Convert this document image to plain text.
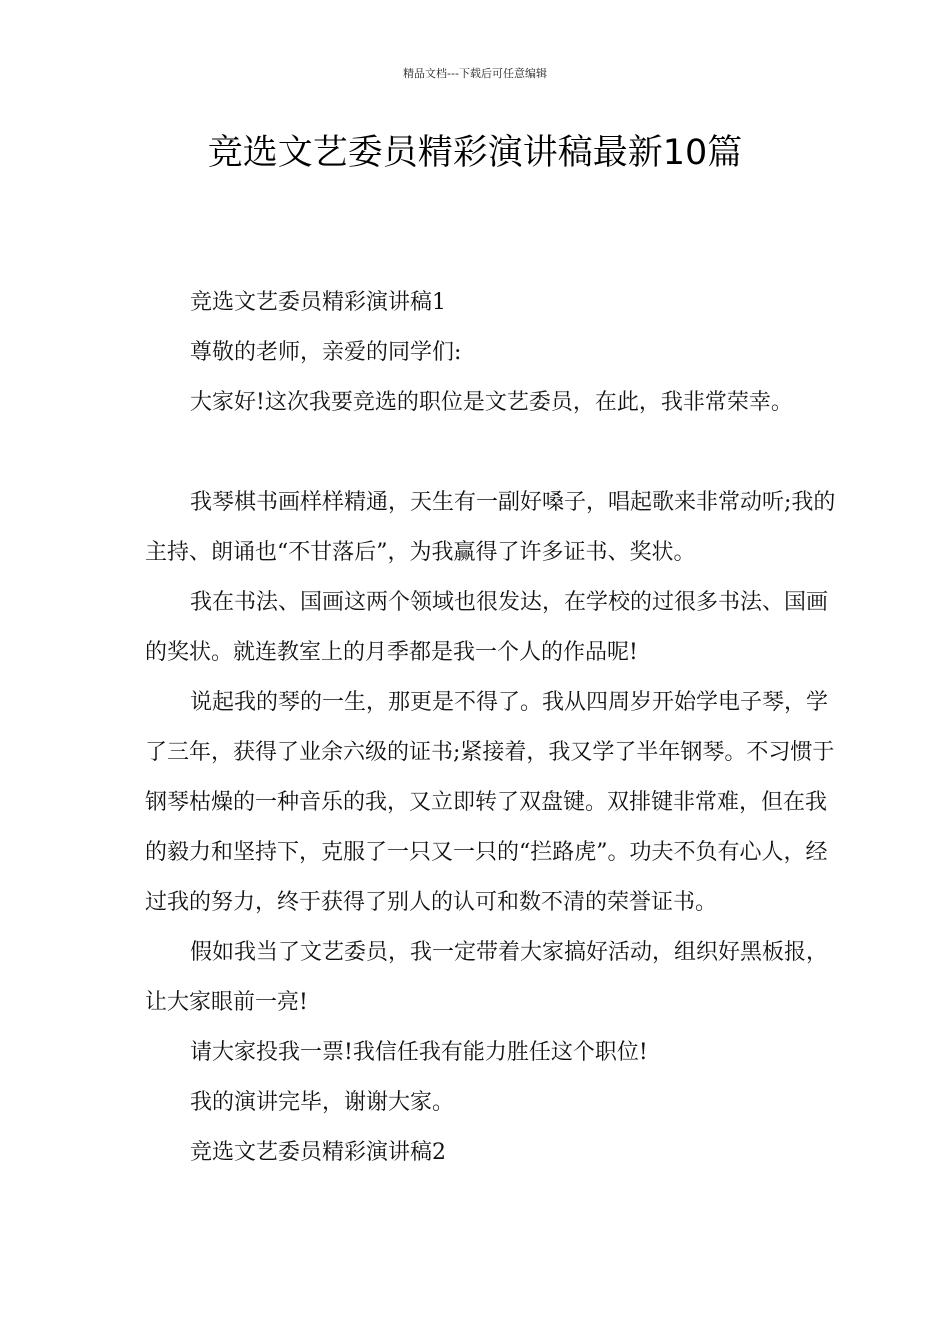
精品文档---下载后可任意编辑
竞选文艺委员精彩演讲稿最新10篇

竞选文艺委员精彩演讲稿1

尊敬的老师，亲爱的同学们:

大家好!这次我要竞选的职位是文艺委员，在此，我非常荣幸。

我琴棋书画样样精通，天生有一副好嗓子，唱起歌来非常动听;我的主持、朗诵也“不甘落后”，为我赢得了许多证书、奖状。

我在书法、国画这两个领域也很发达，在学校的过很多书法、国画的奖状。就连教室上的月季都是我一个人的作品呢!

说起我的琴的一生，那更是不得了。我从四周岁开始学电子琴，学了三年，获得了业余六级的证书;紧接着，我又学了半年钢琴。不习惯于钢琴枯燥的一种音乐的我，又立即转了双盘键。双排键非常难，但在我的毅力和坚持下，克服了一只又一只的“拦路虎”。功夫不负有心人，经过我的努力，终于获得了别人的认可和数不清的荣誉证书。

假如我当了文艺委员，我一定带着大家搞好活动，组织好黑板报，让大家眼前一亮!

请大家投我一票!我信任我有能力胜任这个职位!

我的演讲完毕，谢谢大家。

竞选文艺委员精彩演讲稿2
